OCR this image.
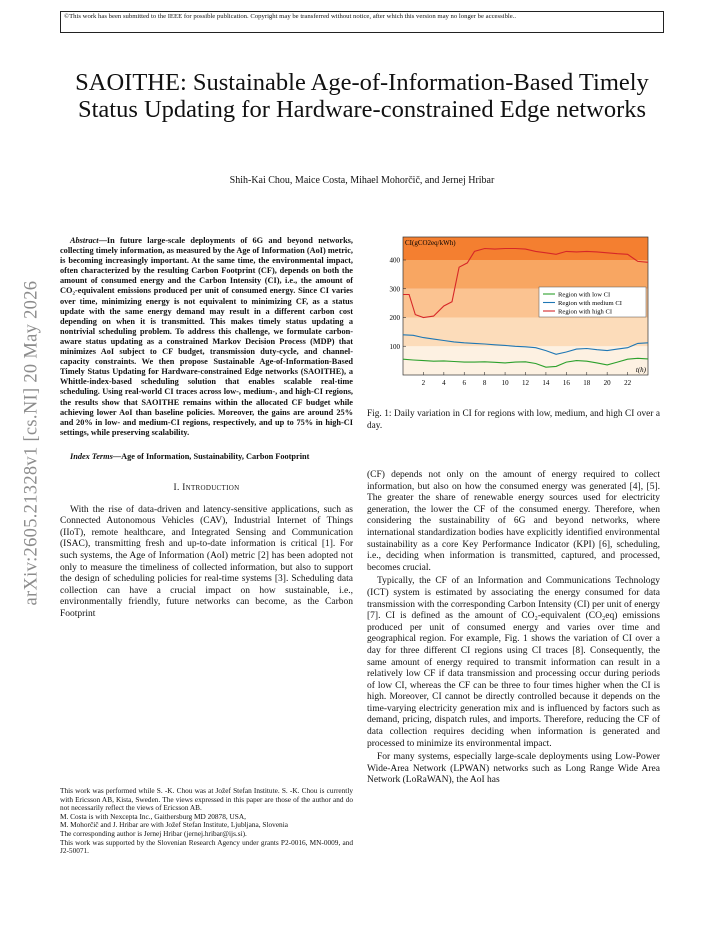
©This work has been submitted to the IEEE for possible publication. Copyright may be transferred without notice, after which this version may no longer be accessible..
arXiv:2605.21328v1 [cs.NI] 20 May 2026
SAOITHE: Sustainable Age-of-Information-Based Timely Status Updating for Hardware-constrained Edge networks
Shih-Kai Chou, Maice Costa, Mihael Mohorčič, and Jernej Hribar

Abstract—In future large-scale deployments of 6G and beyond networks, collecting timely information, as measured by the Age of Information (AoI) metric, is becoming increasingly important. At the same time, the environmental impact, often characterized by the resulting Carbon Footprint (CF), depends on both the amount of consumed energy and the Carbon Intensity (CI), i.e., the amount of CO₂-equivalent emissions produced per unit of consumed energy. Since CI varies over time, minimizing energy is not equivalent to minimizing CF, as a status update with the same energy demand may result in a different carbon cost depending on when it is transmitted. This makes timely status updating a nontrivial scheduling problem. To address this challenge, we formulate carbon-aware status updating as a constrained Markov Decision Process (MDP) that minimizes AoI subject to CF budget, transmission duty-cycle, and channel-capacity constraints. We then propose Sustainable Age-of-Information-Based Timely Status Updating for Hardware-constrained Edge networks (SAOITHE), a Whittle-index-based scheduling solution that enables scalable real-time scheduling. Using real-world CI traces across low-, medium-, and high-CI regions, the results show that SAOITHE remains within the allocated CF budget while achieving lower AoI than baseline policies. Moreover, the gains are around 25% and 20% in low- and medium-CI regions, respectively, and up to 75% in high-CI settings, while preserving scalability.

Index Terms—Age of Information, Sustainability, Carbon Footprint

I. Introduction

With the rise of data-driven and latency-sensitive applications, such as Connected Autonomous Vehicles (CAV), Industrial Internet of Things (IIoT), remote healthcare, and Integrated Sensing and Communication (ISAC), transmitting fresh and up-to-date information is critical [1]. For such systems, the Age of Information (AoI) metric [2] has been adopted not only to measure the timeliness of collected information, but also to support the design of scheduling policies for real-time systems [3]. Scheduling data collection can have a crucial impact on how sustainable, i.e., environmentally friendly, future networks can become, as the Carbon Footprint

This work was performed while S. -K. Chou was at Jožef Stefan Institute. S. -K. Chou is currently with Ericsson AB, Kista, Sweden. The views expressed in this paper are those of the author and do not necessarily reflect the views of Ericsson AB.
M. Costa is with Nexcepta Inc., Gaithersburg MD 20878, USA,
M. Mohorčič and J. Hribar are with Jožef Stefan Institute, Ljubljana, Slovenia
The corresponding author is Jernej Hribar (jernej.hribar@ijs.si).
This work was supported by the Slovenian Research Agency under grants P2-0016, MN-0009, and J2-50071.
100
200
300
400
2 4 6 8 10 12 14 16 18 20 22
CI(gCO2eq/kWh)
t(h)
Region with low CI
Region with medium CI
Region with high CI
Fig. 1: Daily variation in CI for regions with low, medium, and high CI over a day.

(CF) depends not only on the amount of energy required to collect information, but also on how the consumed energy was generated [4], [5]. The greater the share of renewable energy sources used for electricity generation, the lower the CF of the consumed energy. Therefore, when considering the sustainability of 6G and beyond networks, where international standardization bodies have explicitly identified environmental sustainability as a core Key Performance Indicator (KPI) [6], scheduling, i.e., deciding when information is transmitted, captured, and processed, becomes crucial.

Typically, the CF of an Information and Communications Technology (ICT) system is estimated by associating the energy consumed for data transmission with the corresponding Carbon Intensity (CI) per unit of energy [7]. CI is defined as the amount of CO₂-equivalent (CO₂eq) emissions produced per unit of consumed energy and varies over time and geographical region. For example, Fig. 1 shows the variation of CI over a day for three different CI regions using CI traces [8]. Consequently, the same amount of energy required to transmit information can result in a relatively low CF if data transmission and processing occur during periods of low CI, whereas the CF can be three to four times higher when the CI is high. Moreover, CI cannot be directly controlled because it depends on the time-varying electricity generation mix and is influenced by factors such as demand, pricing, dispatch rules, and imports. Therefore, reducing the CF of data collection requires deciding when information is generated and processed to minimize its environmental impact.

For many systems, especially large-scale deployments using Low-Power Wide-Area Network (LPWAN) networks such as Long Range Wide Area Network (LoRaWAN), the AoI has
